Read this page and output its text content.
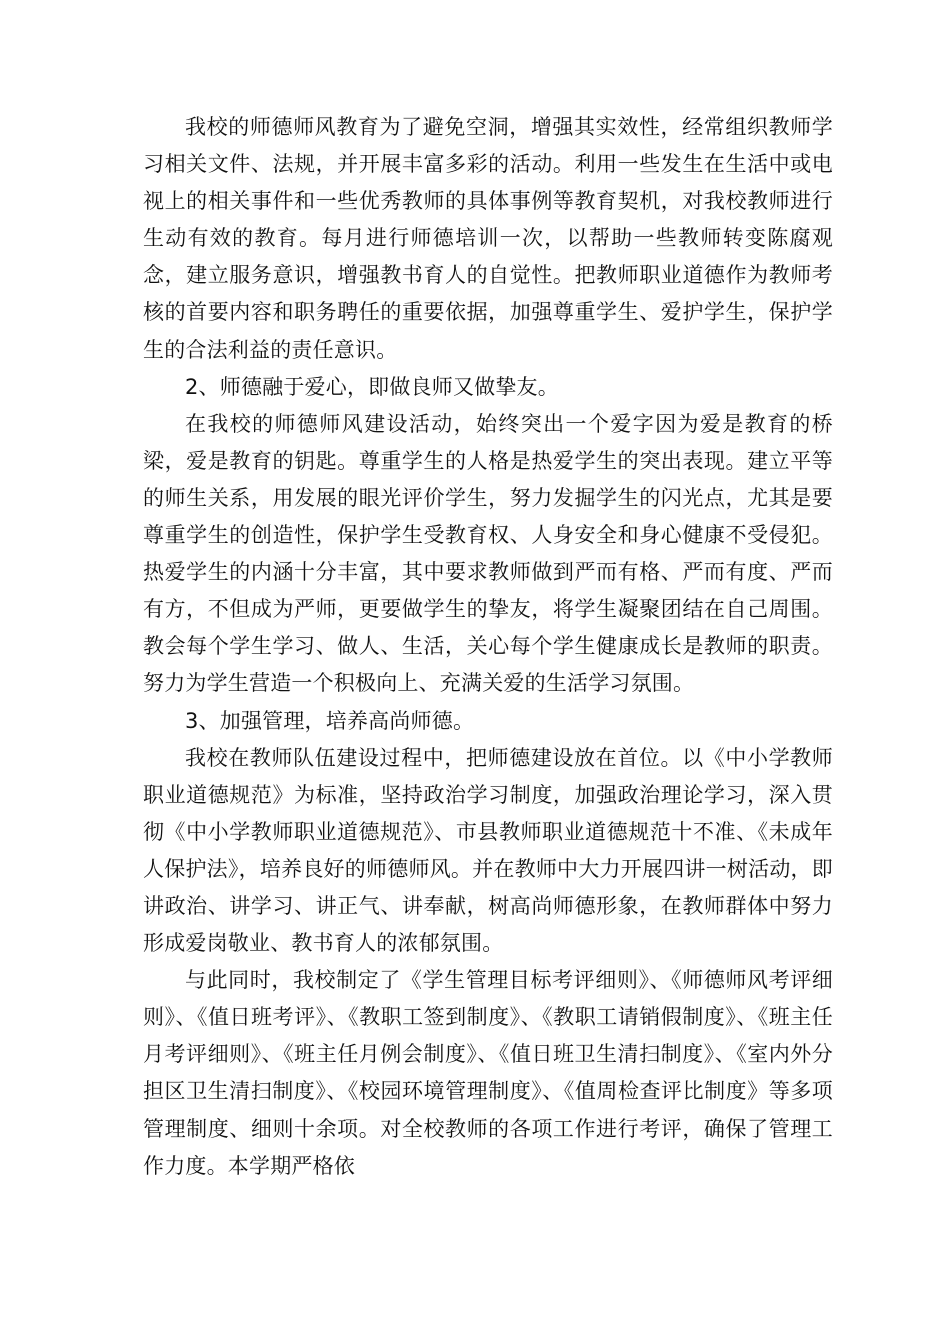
我校的师德师风教育为了避免空洞，增强其实效性，经常组织教师学习相关文件、法规，并开展丰富多彩的活动。利用一些发生在生活中或电视上的相关事件和一些优秀教师的具体事例等教育契机，对我校教师进行生动有效的教育。每月进行师德培训一次，以帮助一些教师转变陈腐观念，建立服务意识，增强教书育人的自觉性。把教师职业道德作为教师考核的首要内容和职务聘任的重要依据，加强尊重学生、爱护学生，保护学生的合法利益的责任意识。

2、师德融于爱心，即做良师又做挚友。

在我校的师德师风建设活动，始终突出一个爱字因为爱是教育的桥梁，爱是教育的钥匙。尊重学生的人格是热爱学生的突出表现。建立平等的师生关系，用发展的眼光评价学生，努力发掘学生的闪光点，尤其是要尊重学生的创造性，保护学生受教育权、人身安全和身心健康不受侵犯。热爱学生的内涵十分丰富，其中要求教师做到严而有格、严而有度、严而有方，不但成为严师，更要做学生的挚友，将学生凝聚团结在自己周围。教会每个学生学习、做人、生活，关心每个学生健康成长是教师的职责。努力为学生营造一个积极向上、充满关爱的生活学习氛围。

3、加强管理，培养高尚师德。

我校在教师队伍建设过程中，把师德建设放在首位。以《中小学教师职业道德规范》为标准，坚持政治学习制度，加强政治理论学习，深入贯彻《中小学教师职业道德规范》、市县教师职业道德规范十不准、《未成年人保护法》，培养良好的师德师风。并在教师中大力开展四讲一树活动，即讲政治、讲学习、讲正气、讲奉献，树高尚师德形象，在教师群体中努力形成爱岗敬业、教书育人的浓郁氛围。

与此同时，我校制定了《学生管理目标考评细则》、《师德师风考评细则》、《值日班考评》、《教职工签到制度》、《教职工请销假制度》、《班主任月考评细则》、《班主任月例会制度》、《值日班卫生清扫制度》、《室内外分担区卫生清扫制度》、《校园环境管理制度》、《值周检查评比制度》等多项管理制度、细则十余项。对全校教师的各项工作进行考评，确保了管理工作力度。本学期严格依
